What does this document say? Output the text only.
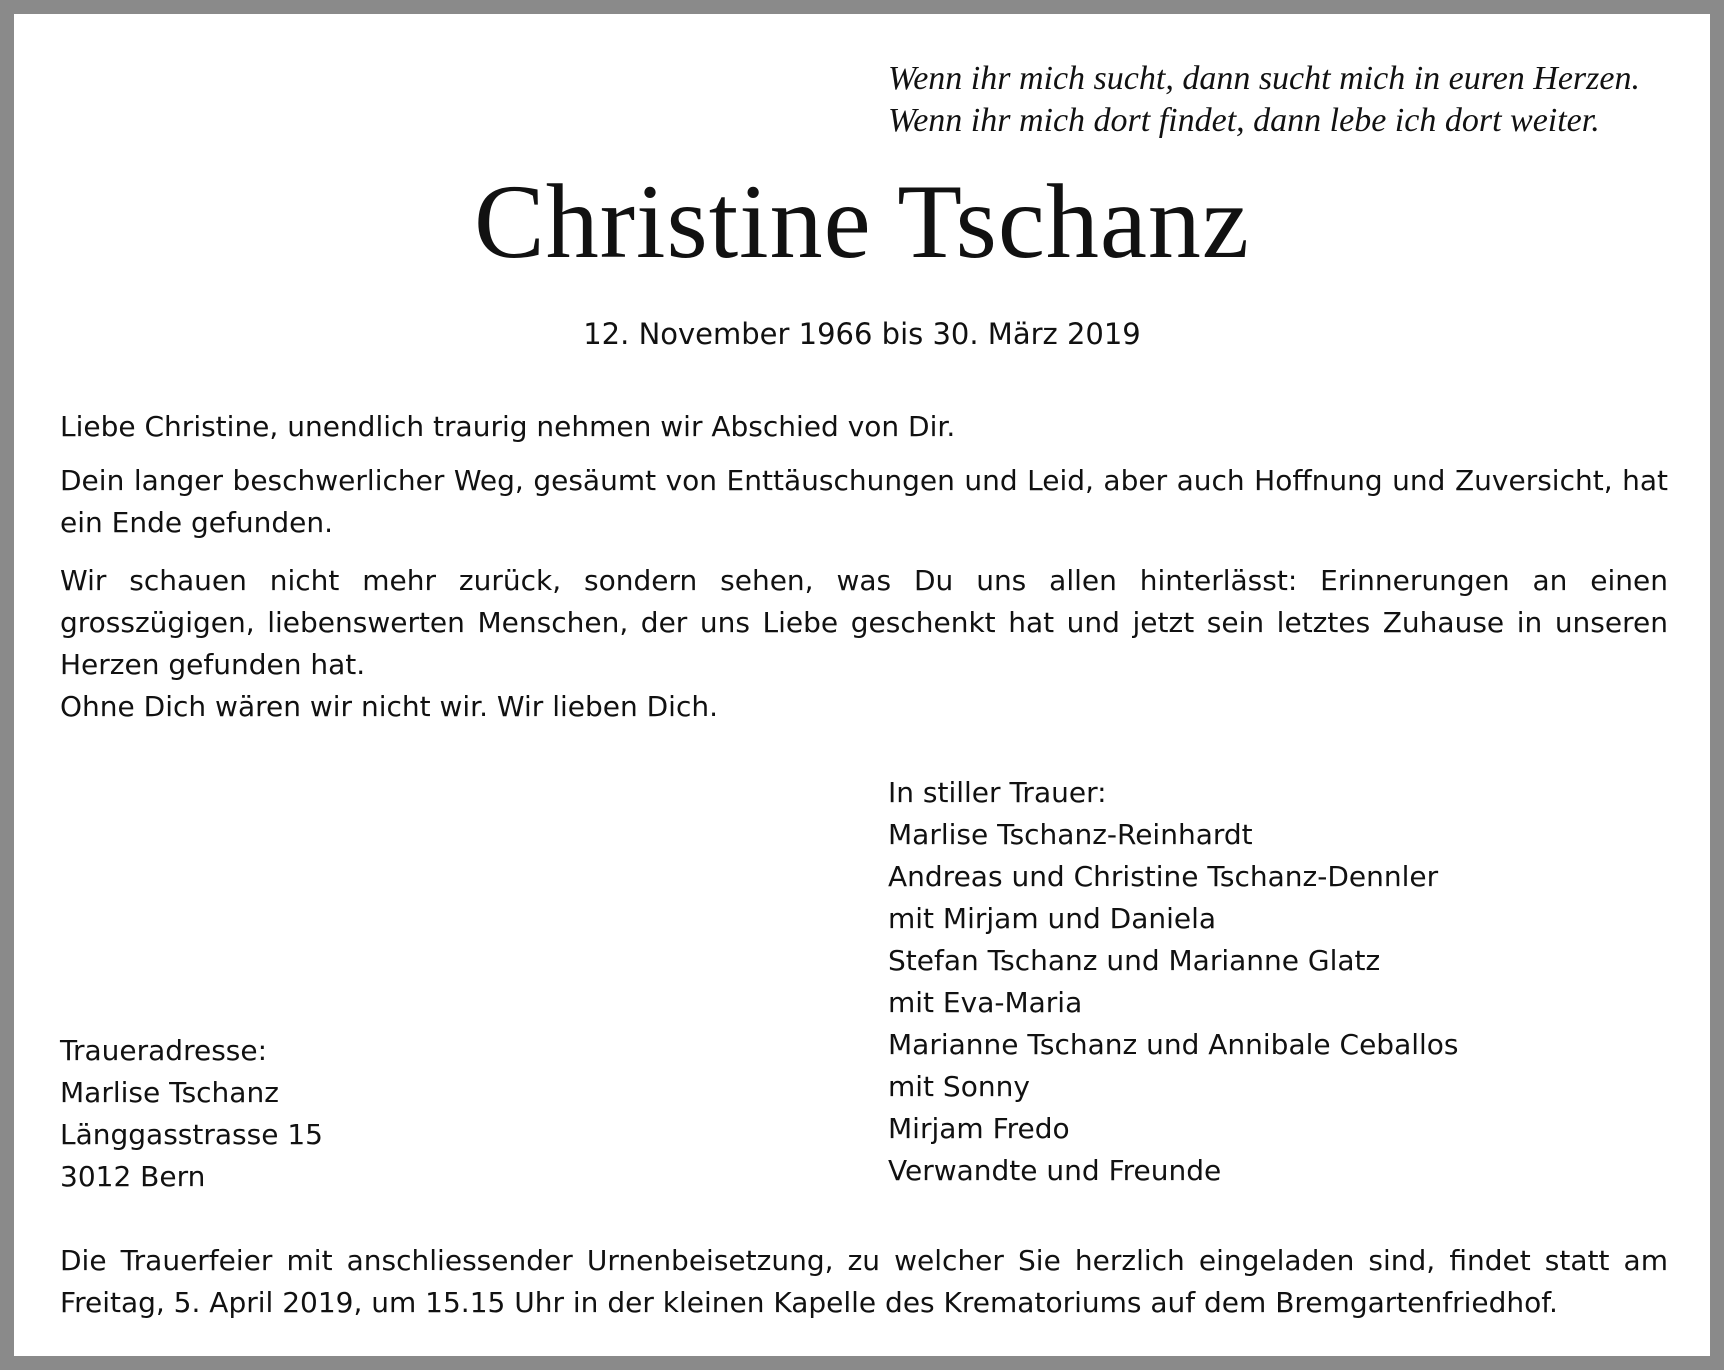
Wenn ihr mich sucht, dann sucht mich in euren Herzen.
Wenn ihr mich dort findet, dann lebe ich dort weiter.
Christine Tschanz
12. November 1966 bis 30. März 2019
Liebe Christine, unendlich traurig nehmen wir Abschied von Dir.
Dein langer beschwerlicher Weg, gesäumt von Enttäuschungen und Leid, aber auch Hoffnung und Zuversicht, hat ein Ende gefunden.
Wir schauen nicht mehr zurück, sondern sehen, was Du uns allen hinterlässt: Erinnerungen an einen grosszügigen, liebenswerten Menschen, der uns Liebe geschenkt hat und jetzt sein letztes Zuhause in unseren Herzen gefunden hat.
Ohne Dich wären wir nicht wir. Wir lieben Dich.
In stiller Trauer:
Marlise Tschanz-Reinhardt
Andreas und Christine Tschanz-Dennler
mit Mirjam und Daniela
Stefan Tschanz und Marianne Glatz
mit Eva-Maria
Marianne Tschanz und Annibale Ceballos
mit Sonny
Mirjam Fredo
Verwandte und Freunde
Traueradresse:
Marlise Tschanz
Länggasstrasse 15
3012 Bern
Die Trauerfeier mit anschliessender Urnenbeisetzung, zu welcher Sie herzlich eingeladen sind, findet statt am Freitag, 5. April 2019, um 15.15 Uhr in der kleinen Kapelle des Krematoriums auf dem Bremgartenfriedhof.
